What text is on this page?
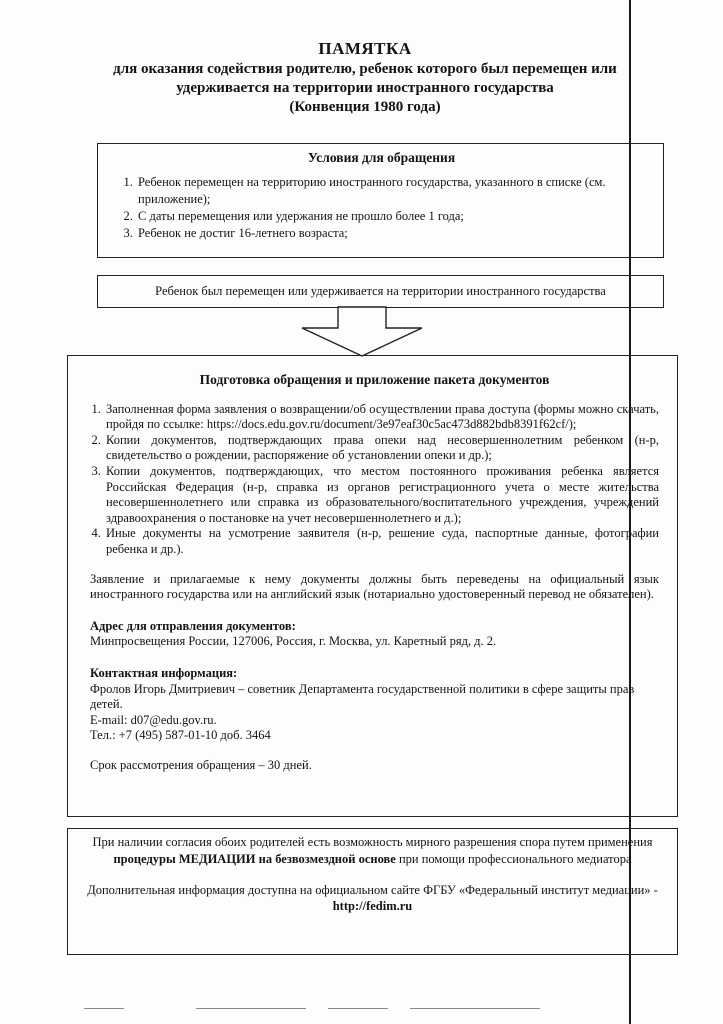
ПАМЯТКА
для оказания содействия родителю, ребенок которого был перемещен или
удерживается на территории иностранного государства
(Конвенция 1980 года)
Условия для обращения
1. Ребенок перемещен на территорию иностранного государства, указанного в списке (см. приложение);
2. С даты перемещения или удержания не прошло более 1 года;
3. Ребенок не достиг 16-летнего возраста;
Ребенок был перемещен или удерживается на территории иностранного государства
Подготовка обращения и приложение пакета документов
1. Заполненная форма заявления о возвращении/об осуществлении права доступа (формы можно скачать, пройдя по ссылке: https://docs.edu.gov.ru/document/3e97eaf30c5ac473d882bdb8391f62cf/);
2. Копии документов, подтверждающих права опеки над несовершеннолетним ребенком (н-р, свидетельство о рождении, распоряжение об установлении опеки и др.);
3. Копии документов, подтверждающих, что местом постоянного проживания ребенка является Российская Федерация (н-р, справка из органов регистрационного учета о месте жительства несовершеннолетнего или справка из образовательного/воспитательного учреждения, учреждений здравоохранения о постановке на учет несовершеннолетнего и д.);
4. Иные документы на усмотрение заявителя (н-р, решение суда, паспортные данные, фотографии ребенка и др.).
Заявление и прилагаемые к нему документы должны быть переведены на официальный язык иностранного государства или на английский язык (нотариально удостоверенный перевод не обязателен).
Адрес для отправления документов:
Минпросвещения России, 127006, Россия, г. Москва, ул. Каретный ряд, д. 2.
Контактная информация:
Фролов Игорь Дмитриевич – советник Департамента государственной политики в сфере защиты прав детей.
E-mail: d07@edu.gov.ru.
Тел.: +7 (495) 587-01-10 доб. 3464
Срок рассмотрения обращения – 30 дней.
При наличии согласия обоих родителей есть возможность мирного разрешения спора путем применения процедуры МЕДИАЦИИ на безвозмездной основе при помощи профессионального медиатора
Дополнительная информация доступна на официальном сайте ФГБУ «Федеральный институт медиации» - http://fedim.ru
